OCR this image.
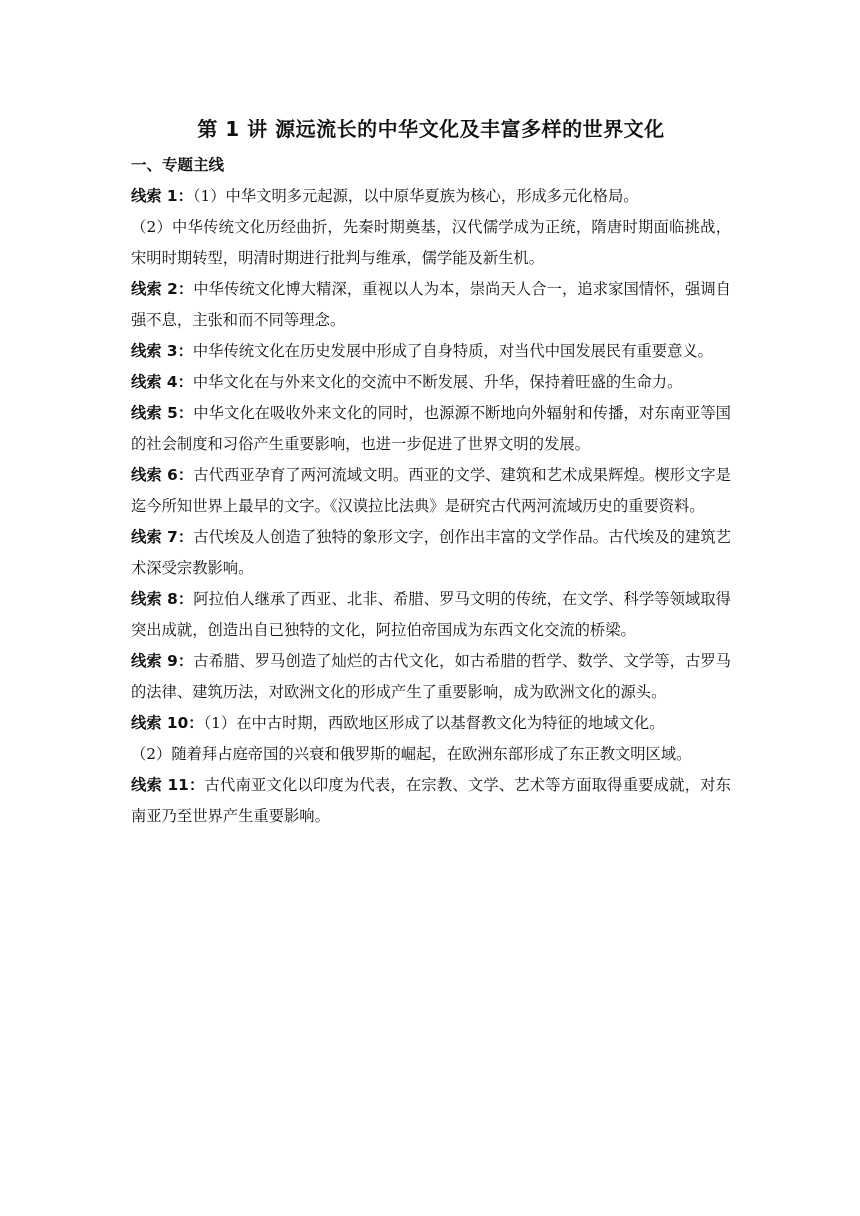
第 1 讲 源远流长的中华文化及丰富多样的世界文化
一、专题主线

线索 1：（1）中华文明多元起源，以中原华夏族为核心，形成多元化格局。
（2）中华传统文化历经曲折，先秦时期奠基，汉代儒学成为正统，隋唐时期面临挑战，宋明时期转型，明清时期进行批判与维承，儒学能及新生机。

线索 2：中华传统文化博大精深，重视以人为本，崇尚天人合一，追求家国情怀，强调自强不息，主张和而不同等理念。

线索 3：中华传统文化在历史发展中形成了自身特质，对当代中国发展民有重要意义。

线索 4：中华文化在与外来文化的交流中不断发展、升华，保持着旺盛的生命力。

线索 5：中华文化在吸收外来文化的同时，也源源不断地向外辐射和传播，对东南亚等国的社会制度和习俗产生重要影响，也进一步促进了世界文明的发展。

线索 6：古代西亚孕育了两河流域文明。西亚的文学、建筑和艺术成果辉煌。楔形文字是迄今所知世界上最早的文字。《汉谟拉比法典》是研究古代两河流域历史的重要资料。

线索 7：古代埃及人创造了独特的象形文字，创作出丰富的文学作品。古代埃及的建筑艺术深受宗教影响。

线索 8：阿拉伯人继承了西亚、北非、希腊、罗马文明的传统，在文学、科学等领域取得突出成就，创造出自已独特的文化，阿拉伯帝国成为东西文化交流的桥梁。

线索 9：古希腊、罗马创造了灿烂的古代文化，如古希腊的哲学、数学、文学等，古罗马的法律、建筑历法，对欧洲文化的形成产生了重要影响，成为欧洲文化的源头。

线索 10：（1）在中古时期，西欧地区形成了以基督教文化为特征的地域文化。
（2）随着拜占庭帝国的兴衰和俄罗斯的崛起，在欧洲东部形成了东正教文明区域。

线索 11：古代南亚文化以印度为代表，在宗教、文学、艺术等方面取得重要成就，对东南亚乃至世界产生重要影响。
